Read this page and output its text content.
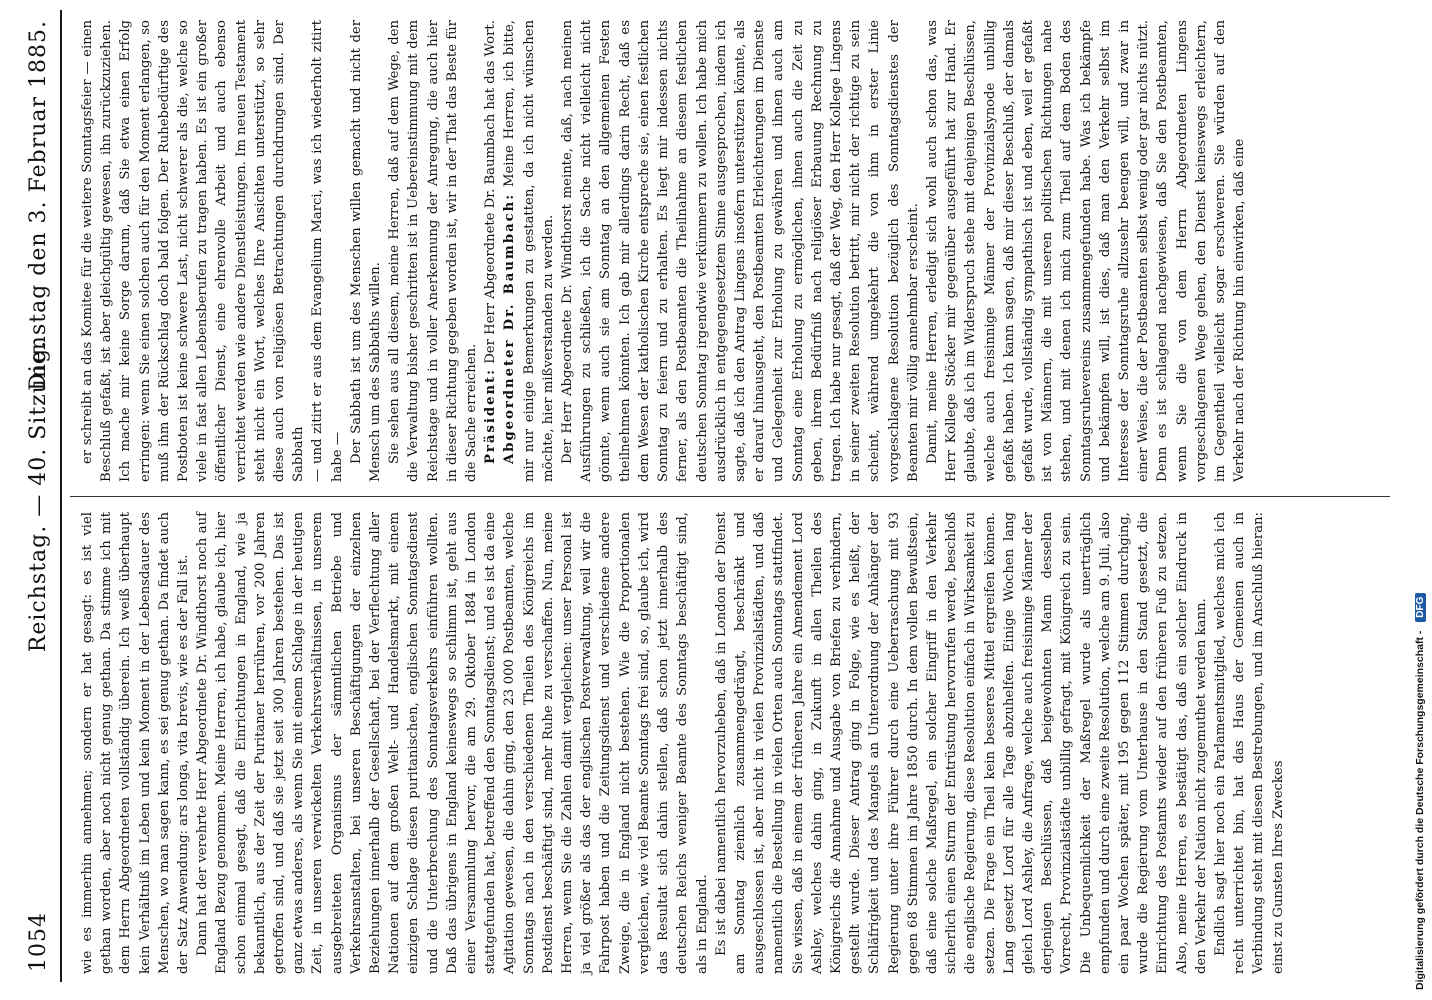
1054
Reichstag. — 40. Sitzung.
Dienstag den 3. Februar 1885.

wie es immerhin annehmen; sondern er hat gesagt: es ist viel gethan worden, aber noch nicht genug gethan. Da stimme ich mit dem Herrn Abgeordneten vollständig überein. Ich weiß überhaupt kein Verhältniß im Leben und kein Moment in der Lebensdauer des Menschen, wo man sagen kann, es sei genug gethan. Da findet auch der Satz Anwendung: ars longa, vita brevis, wie es der Fall ist. Dann hat der verehrte Herr Abgeordnete Dr. Windthorst noch auf England Bezug genommen. Meine Herren, ich habe, glaube ich, hier schon einmal gesagt, daß die Einrichtungen in England, wie ja bekanntlich, aus der Zeit der Puritaner herrühren, vor 200 Jahren getroffen sind, und daß sie jetzt seit 300 Jahren bestehen. Das ist ganz etwas anderes, als wenn Sie mit einem Schlage in der heutigen Zeit, in unseren verwickelten Verkehrsverhältnissen, in unserem ausgebreiteten Organismus der sämmtlichen Betriebe und Verkehrsanstalten, bei unseren Beschäftigungen der einzelnen Beziehungen innerhalb der Gesellschaft, bei der Verflechtung aller Nationen auf dem großen Welt- und Handelsmarkt, mit einem einzigen Schlage diesen puritanischen, englischen Sonntagsdienst und die Unterbrechung des Sonntagsverkehrs einführen wollten. Daß das übrigens in England keineswegs so schlimm ist, geht aus einer Versammlung hervor, die am 29. Oktober 1884 in London stattgefunden hat, betreffend den Sonntagsdienst; und es ist da eine Agitation gewesen, die dahin ging, den 23 000 Postbeamten, welche Sonntags nach in den verschiedenen Theilen des Königreichs im Postdienst beschäftigt sind, mehr Ruhe zu verschaffen. Nun, meine Herren, wenn Sie die Zahlen damit vergleichen: unser Personal ist ja viel größer als das der englischen Postverwaltung, weil wir die Fahrpost haben und die Zeitungsdienst und verschiedene andere Zweige, die in England nicht bestehen. Wie die Proportionalen vergleichen, wie viel Beamte Sonntags frei sind, so, glaube ich, wird das Resultat sich dahin stellen, daß schon jetzt innerhalb des deutschen Reichs weniger Beamte des Sonntags beschäftigt sind, als in England. Es ist dabei namentlich hervorzuheben, daß in London der Dienst am Sonntag ziemlich zusammengedrängt, beschränkt und ausgeschlossen ist, aber nicht in vielen Provinzialstädten, und daß namentlich die Bestellung in vielen Orten auch Sonntags stattfindet. Sie wissen, daß in einem der früheren Jahre ein Amendement Lord Ashley, welches dahin ging, in Zukunft in allen Theilen des Königreichs die Annahme und Ausgabe von Briefen zu verhindern, gestellt wurde. Dieser Antrag ging in Folge, wie es heißt, der Schläfrigkeit und des Mangels an Unterordnung der Anhänger der Regierung unter ihre Führer durch eine Ueberraschung mit 93 gegen 68 Stimmen im Jahre 1850 durch. In dem vollen Bewußtsein, daß eine solche Maßregel, ein solcher Eingriff in den Verkehr sicherlich einen Sturm der Entrüstung hervorrufen werde, beschloß die englische Regierung, diese Resolution einfach in Wirksamkeit zu setzen. Die Frage ein Theil kein besseres Mittel ergreifen können. Lang gesetzt Lord für alle Tage abzuhelfen. Einige Wochen lang gleich Lord Ashley, die Anfrage, welche auch freisinnige Männer der derjenigen Beschlüssen, daß beigewohnten Mann desselben Vorrecht, Provinzialstädte unbillig gefragt, mit Königreich zu sein. Die Unbequemlichkeit der Maßregel wurde als unerträglich empfunden und durch eine zweite Resolution, welche am 9. Juli, also ein paar Wochen später, mit 195 gegen 112 Stimmen durchging, wurde die Regierung vom Unterhause in den Stand gesetzt, die Einrichtung des Postamts wieder auf den früheren Fuß zu setzen. Also, meine Herren, es bestätigt das, daß ein solcher Eindruck in den Verkehr der Nation nicht zugemuthet werden kann. Endlich sagt hier noch ein Parlamentsmitglied, welches mich ich recht unterrichtet bin, hat das Haus der Gemeinen auch in Verbindung steht mit diesen Bestrebungen, und im Anschluß hieran: einst zu Gunsten Ihres Zweckes

er schreibt an das Komitee für die weitere Sonntagsfeier — einen Beschluß gefaßt, ist aber gleichgültig gewesen, ihn zurückzuziehen. Ich mache mir keine Sorge darum, daß Sie etwa einen Erfolg erringen: wenn Sie einen solchen auch für den Moment erlangen, so muß ihm der Rückschlag doch bald folgen. Der Ruhebedürftige des Postboten ist keine schwere Last, nicht schwerer als die, welche so viele in fast allen Lebensberufen zu tragen haben. Es ist ein großer öffentlicher Dienst, eine ehrenvolle Arbeit und auch ebenso verrichtet werden wie andere Dienstleistungen. Im neuen Testament steht nicht ein Wort, welches Ihre Ansichten unterstützt, so sehr diese auch von religiösen Betrachtungen durchdrungen sind. Der Sabbath — und zitirt er aus dem Evangelium Marci, was ich wiederholt zitirt habe — Der Sabbath ist um des Menschen willen gemacht und nicht der Mensch um des Sabbaths willen. Sie sehen aus all diesem, meine Herren, daß auf dem Wege, den die Verwaltung bisher geschritten ist in Uebereinstimmung mit dem Reichstage und in voller Anerkennung der Anregung, die auch hier in dieser Richtung gegeben worden ist, wir in der That das Beste für die Sache erreichen. Präsident: Der Herr Abgeordnete Dr. Baumbach hat das Wort. Abgeordneter Dr. Baumbach: Meine Herren, ich bitte, mir nur einige Bemerkungen zu gestatten, da ich nicht wünschen möchte, hier mißverstanden zu werden. Der Herr Abgeordnete Dr. Windthorst meinte, daß, nach meinen Ausführungen zu schließen, ich die Sache nicht vielleicht nicht gönnte, wenn auch sie am Sonntag an den allgemeinen Festen theilnehmen könnten. Ich gab mir allerdings darin Recht, daß es dem Wesen der katholischen Kirche entspreche sie, einen festlichen Sonntag zu feiern und zu erhalten. Es liegt mir indessen nichts ferner, als den Postbeamten die Theilnahme an diesem festlichen deutschen Sonntag irgendwie verkümmern zu wollen. Ich habe mich ausdrücklich in entgegengesetztem Sinne ausgesprochen, indem ich sagte, daß ich den Antrag Lingens insofern unterstützen könnte, als er darauf hinausgeht, den Postbeamten Erleichterungen im Dienste und Gelegenheit zur Erholung zu gewähren und ihnen auch am Sonntag eine Erholung zu ermöglichen, ihnen auch die Zeit zu geben, ihrem Bedürfniß nach religiöser Erbauung Rechnung zu tragen. Ich habe nur gesagt, daß der Weg, den Herr Kollege Lingens in seiner zweiten Resolution betritt, mir nicht der richtige zu sein scheint, während umgekehrt die von ihm in erster Linie vorgeschlagene Resolution bezüglich des Sonntagsdienstes der Beamten mir völlig annehmbar erscheint. Damit, meine Herren, erledigt sich wohl auch schon das, was Herr Kollege Stöcker mir gegenüber ausgeführt hat zur Hand. Er glaubte, daß ich im Widerspruch stehe mit denjenigen Beschlüssen, welche auch freisinnige Männer der Provinzialsynode unbillig gefaßt haben. Ich kann sagen, daß mir dieser Beschluß, der damals gefaßt wurde, vollständig sympathisch ist und eben, weil er gefaßt ist von Männern, die mit unseren politischen Richtungen nahe stehen, und mit denen ich mich zum Theil auf dem Boden des Sonntagsruhevereins zusammengefunden habe. Was ich bekämpfe und bekämpfen will, ist dies, daß man den Verkehr selbst im Interesse der Sonntagsruhe allzusehr beengen will, und zwar in einer Weise, die der Postbeamten selbst wenig oder gar nichts nützt. Denn es ist schlagend nachgewiesen, daß Sie den Postbeamten, wenn Sie die von dem Herrn Abgeordneten Lingens vorgeschlagenen Wege gehen, den Dienst keineswegs erleichtern, im Gegentheil vielleicht sogar erschweren. Sie würden auf den Verkehr nach der Richtung hin einwirken, daß eine

Digitalisierung gefördert durch die Deutsche Forschungsgemeinschaft - DFG
